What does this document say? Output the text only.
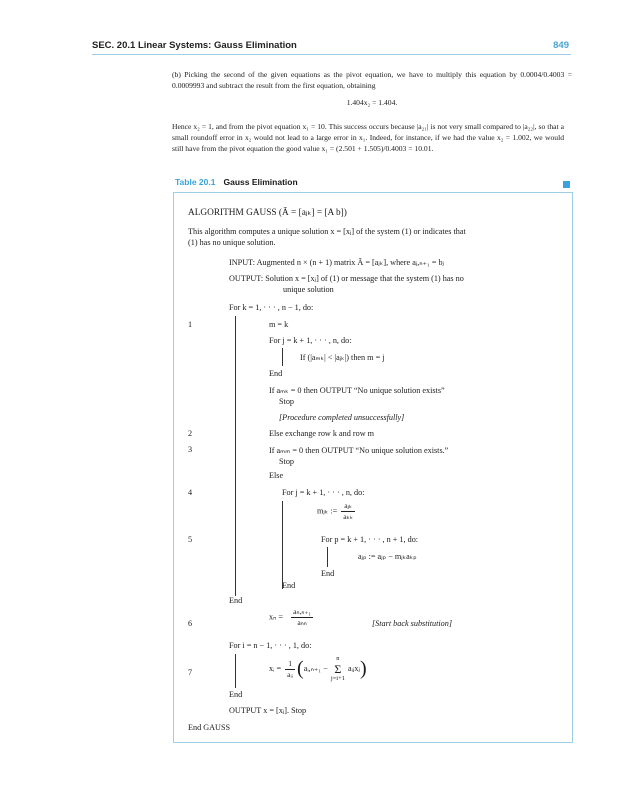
SEC. 20.1 Linear Systems: Gauss Elimination	849
(b) Picking the second of the given equations as the pivot equation, we have to multiply this equation by 0.0004/0.4003 = 0.0009993 and subtract the result from the first equation, obtaining
1.404x₂ = 1.404.
Hence x₂ = 1, and from the pivot equation x₁ = 10. This success occurs because |a₂₁| is not very small compared to |a₂₂|, so that a small roundoff error in x₂ would not lead to a large error in x₁. Indeed, for instance, if we had the value x₂ = 1.002, we would still have from the pivot equation the good value x₁ = (2.501 + 1.505)/0.4003 = 10.01.
Table 20.1 Gauss Elimination
ALGORITHM GAUSS (Ã = [aⱼₖ] = [A b])
This algorithm computes a unique solution x = [xⱼ] of the system (1) or indicates that
(1) has no unique solution.
INPUT: Augmented n × (n + 1) matrix Ã = [aⱼₖ], where aⱼ,ₙ₊₁ = bⱼ
OUTPUT: Solution x = [xⱼ] of (1) or message that the system (1) has no
unique solution
For k = 1, · · · , n − 1, do:
1	m = k
For j = k + 1, · · · , n, do:
If (|aₘₖ| < |aⱼₖ|) then m = j
End
If aₘₖ = 0 then OUTPUT “No unique solution exists”
Stop
[Procedure completed unsuccessfully]
2	Else exchange row k and row m
3	If aₘₘ = 0 then OUTPUT “No unique solution exists.”
Stop
Else
4	For j = k + 1, · · · , n, do:
mⱼₖ := $\frac{\text{aⱼₖ}}{\text{aₖₖ}}$
5	For p = k + 1, · · · , n + 1, do:
aⱼₚ := aⱼₚ − mⱼₖaₖₚ
End
End
End
6
$x_n = \frac{\text{aₙ,ₙ₊₁}}{\text{aₙₙ}}$	[Start back substitution]
For i = n − 1, · · · , 1, do:
7	xᵢ = $\frac{1}{\text{aᵢᵢ}}$ (aᵢ,ₙ₊₁ −n
Σ
j=i+1aᵢⱼxⱼ)
End
OUTPUT x = [xⱼ]. Stop
End GAUSS
